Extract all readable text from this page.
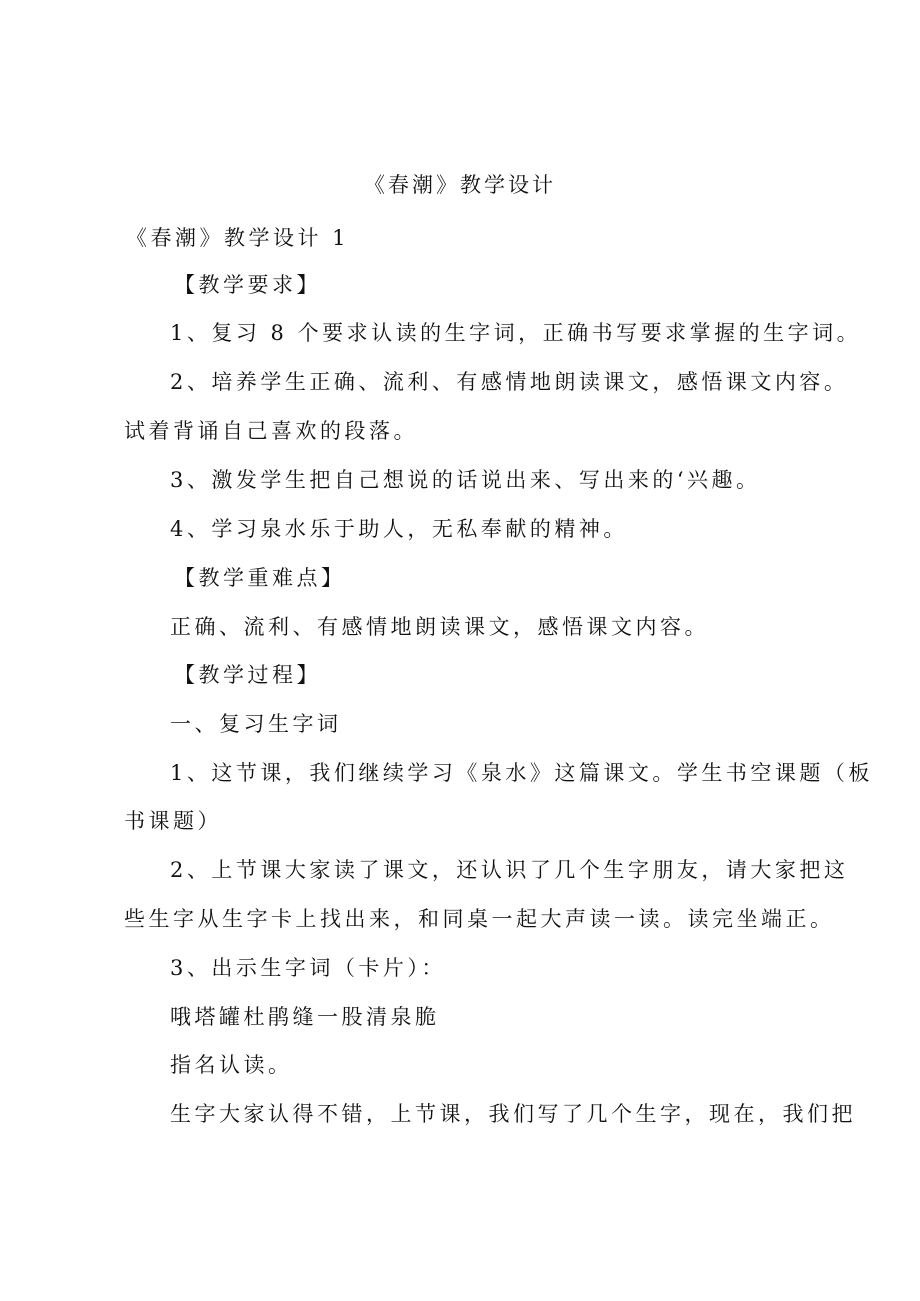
《春潮》教学设计
《春潮》教学设计 1
【教学要求】
1、复习 8 个要求认读的生字词，正确书写要求掌握的生字词。
2、培养学生正确、流利、有感情地朗读课文，感悟课文内容。
试着背诵自己喜欢的段落。
3、激发学生把自己想说的话说出来、写出来的‘兴趣。
4、学习泉水乐于助人，无私奉献的精神。
【教学重难点】
正确、流利、有感情地朗读课文，感悟课文内容。
【教学过程】
一、复习生字词
1、这节课，我们继续学习《泉水》这篇课文。学生书空课题（板
书课题）
2、上节课大家读了课文，还认识了几个生字朋友，请大家把这
些生字从生字卡上找出来，和同桌一起大声读一读。读完坐端正。
3、出示生字词（卡片）：
哦塔罐杜鹃缝一股清泉脆
指名认读。
生字大家认得不错，上节课，我们写了几个生字，现在，我们把
